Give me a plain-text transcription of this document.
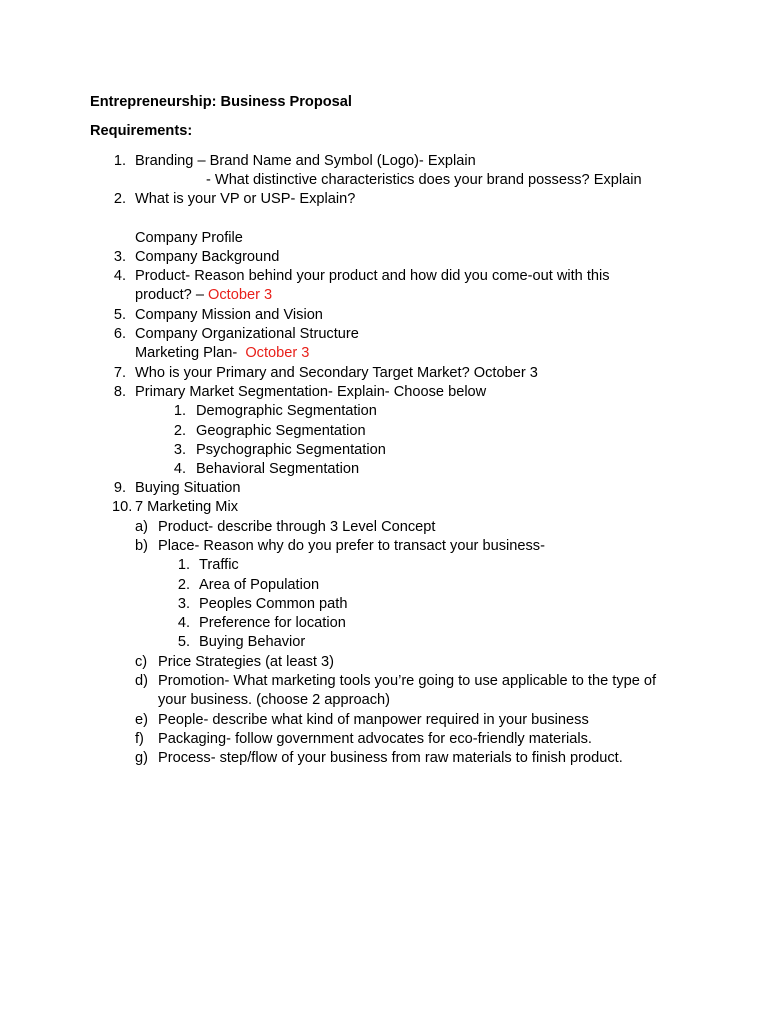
Entrepreneurship: Business Proposal
Requirements:
1. Branding – Brand Name and Symbol (Logo)- Explain
- What distinctive characteristics does your brand possess? Explain
2. What is your VP or USP- Explain?
Company Profile
3. Company Background
4. Product- Reason behind your product and how did you come-out with this
product? – October 3
5. Company Mission and Vision
6. Company Organizational Structure
Marketing Plan-  October 3
7. Who is your Primary and Secondary Target Market? October 3
8. Primary Market Segmentation- Explain- Choose below
1. Demographic Segmentation
2. Geographic Segmentation
3. Psychographic Segmentation
4. Behavioral Segmentation
9. Buying Situation
10. 7 Marketing Mix
a) Product- describe through 3 Level Concept
b) Place- Reason why do you prefer to transact your business-
1. Traffic
2. Area of Population
3. Peoples Common path
4. Preference for location
5. Buying Behavior
c) Price Strategies (at least 3)
d) Promotion- What marketing tools you’re going to use applicable to the type of
your business. (choose 2 approach)
e) People- describe what kind of manpower required in your business
f) Packaging- follow government advocates for eco-friendly materials.
g) Process- step/flow of your business from raw materials to finish product.
